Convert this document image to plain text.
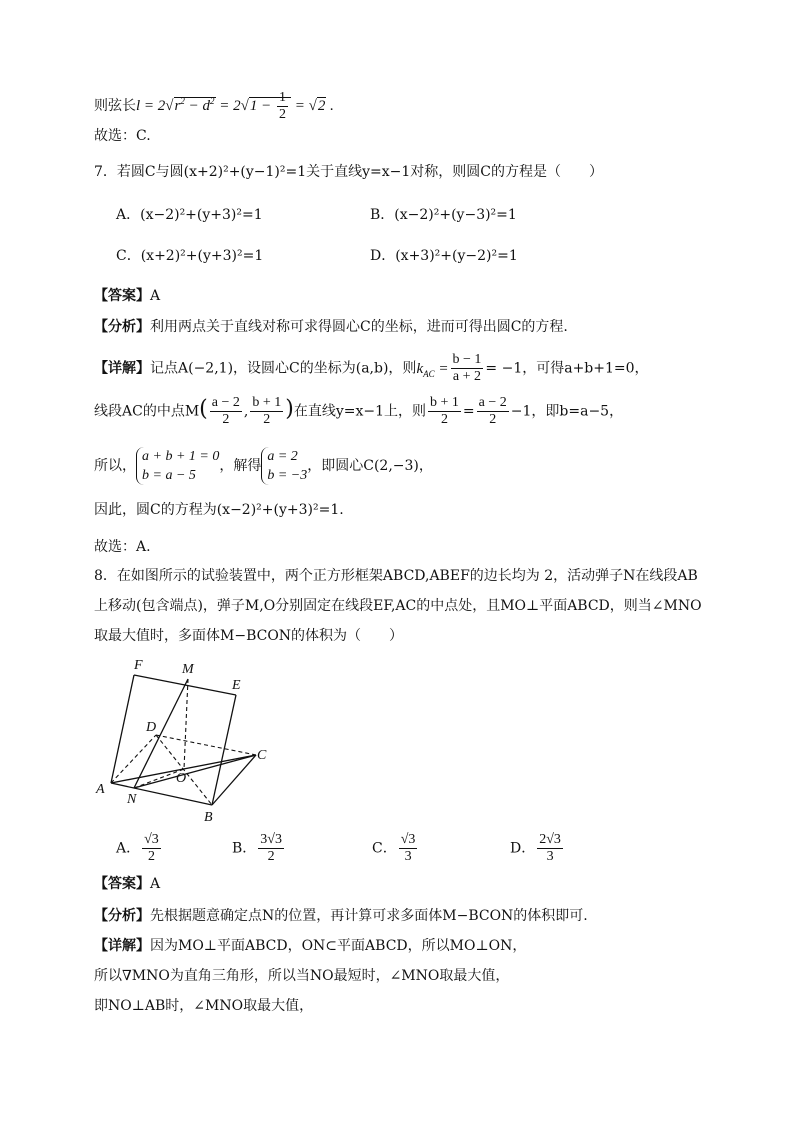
则弦长$l = 2√r^2 - d^2 = 2√1 - \frac{1}{2} = √2$ .
故选：C.
7．若圆C与圆(x+2)²+(y−1)²=1关于直线y=x−1对称，则圆C的方程是（　　）
A．(x−2)²+(y+3)²=1	B．(x−2)²+(y−3)²=1
C．(x+2)²+(y+3)²=1	D．(x+3)²+(y−2)²=1
【答案】A
【分析】利用两点关于直线对称可求得圆心C的坐标，进而可得出圆C的方程.
【详解】记点A(−2,1)，设圆心C的坐标为(a,b)，则$k_{AC} = \frac{b - 1}{a + 2} = -1$，可得a+b+1=0，
线段AC的中点$M( \frac{a - 2}{2}$ , $\frac{b + 1}{2}$ )在直线y=x−1上，则 $\frac{b + 1}{2} = \frac{a - 2}{2} -1$，即b=a−5，
所以，
a + b + 1 = 0
b = a − 5
，解得
a = 2
b = −3
，即圆心C(2,−3)，
因此，圆C的方程为(x−2)²+(y+3)²=1.
故选：A.
8．在如图所示的试验装置中，两个正方形框架ABCD,ABEF的边长均为 2，活动弹子N在线段AB
上移动(包含端点)，弹子M,O分别固定在线段EF,AC的中点处，且MO⊥平面ABCD，则当∠MNO
取最大值时，多面体M−BCON的体积为（　　）
F	M
E
D
C
O
A
N
B
A． $\frac{√3}{2}$	B． $\frac{3√3}{2}$	C． $\frac{√3}{3}$	D． $\frac{2√3}{3}$
【答案】A
【分析】先根据题意确定点N的位置，再计算可求多面体M−BCON的体积即可.
【详解】因为MO⊥平面ABCD，ON⊂平面ABCD，所以MO⊥ON，
所以∇MNO为直角三角形，所以当NO最短时，∠MNO取最大值，
即NO⊥AB时，∠MNO取最大值，
